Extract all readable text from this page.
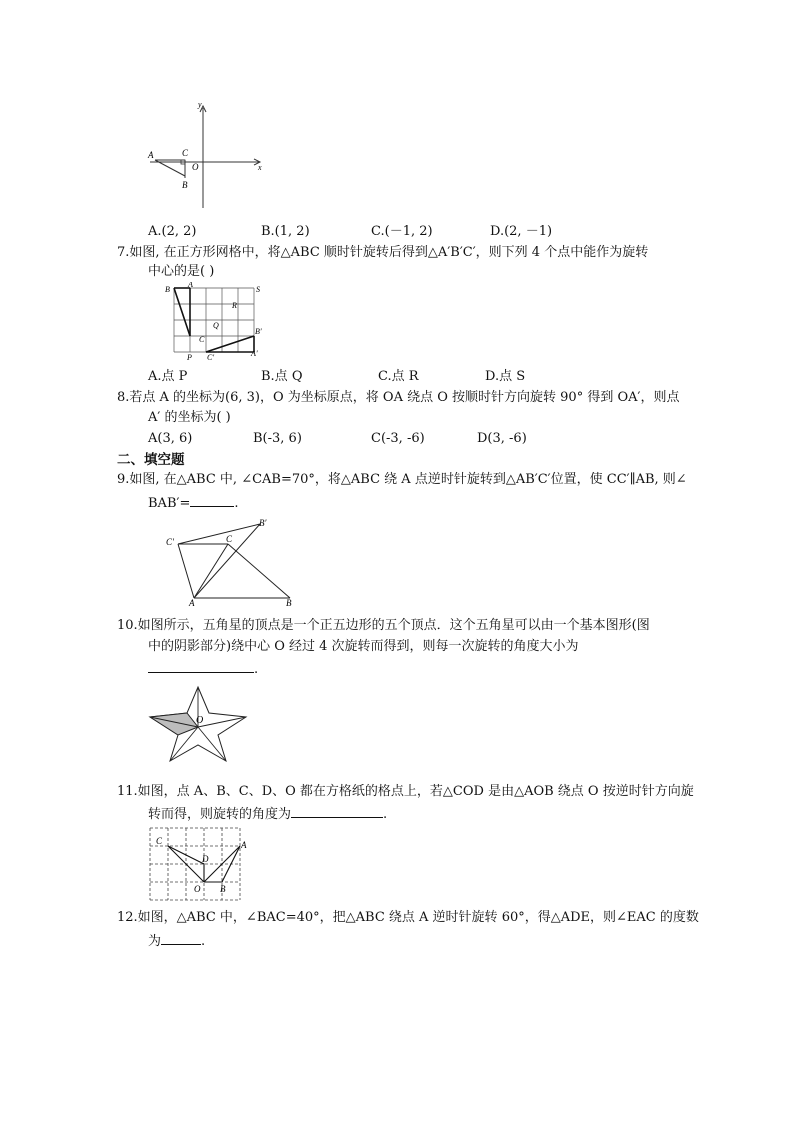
y
x
A	C
O
B
A.(2, 2)	B.(1, 2)	C.(－1, 2)	D.(2, －1)
7.如图, 在正方形网格中，将△ABC 顺时针旋转后得到△A′B′C′，则下列 4 个点中能作为旋转
中心的是( )
B
A
S
R
Q
C
B′
P C′	A′
A.点 P	B.点 Q	C.点 R	D.点 S
8.若点 A 的坐标为(6, 3)，O 为坐标原点，将 OA 绕点 O 按顺时针方向旋转 90° 得到 OA′，则点
A′ 的坐标为( )
A(3, 6)	B(-3, 6)	C(-3, -6)	D(3, -6)
二、填空题
9.如图, 在△ABC 中, ∠CAB=70°，将△ABC 绕 A 点逆时针旋转到△AB′C′位置，使 CC′∥AB, 则∠
BAB′=	.
C′
B′
C
A	B
10.如图所示，五角星的顶点是一个正五边形的五个顶点．这个五角星可以由一个基本图形(图
中的阴影部分)绕中心 O 经过 4 次旋转而得到，则每一次旋转的角度大小为
.
O
11.如图，点 A、B、C、D、O 都在方格纸的格点上，若△COD 是由△AOB 绕点 O 按逆时针方向旋
转而得，则旋转的角度为	.
C
D
A
O B
12.如图，△ABC 中，∠BAC=40°，把△ABC 绕点 A 逆时针旋转 60°，得△ADE，则∠EAC 的度数
为	.
